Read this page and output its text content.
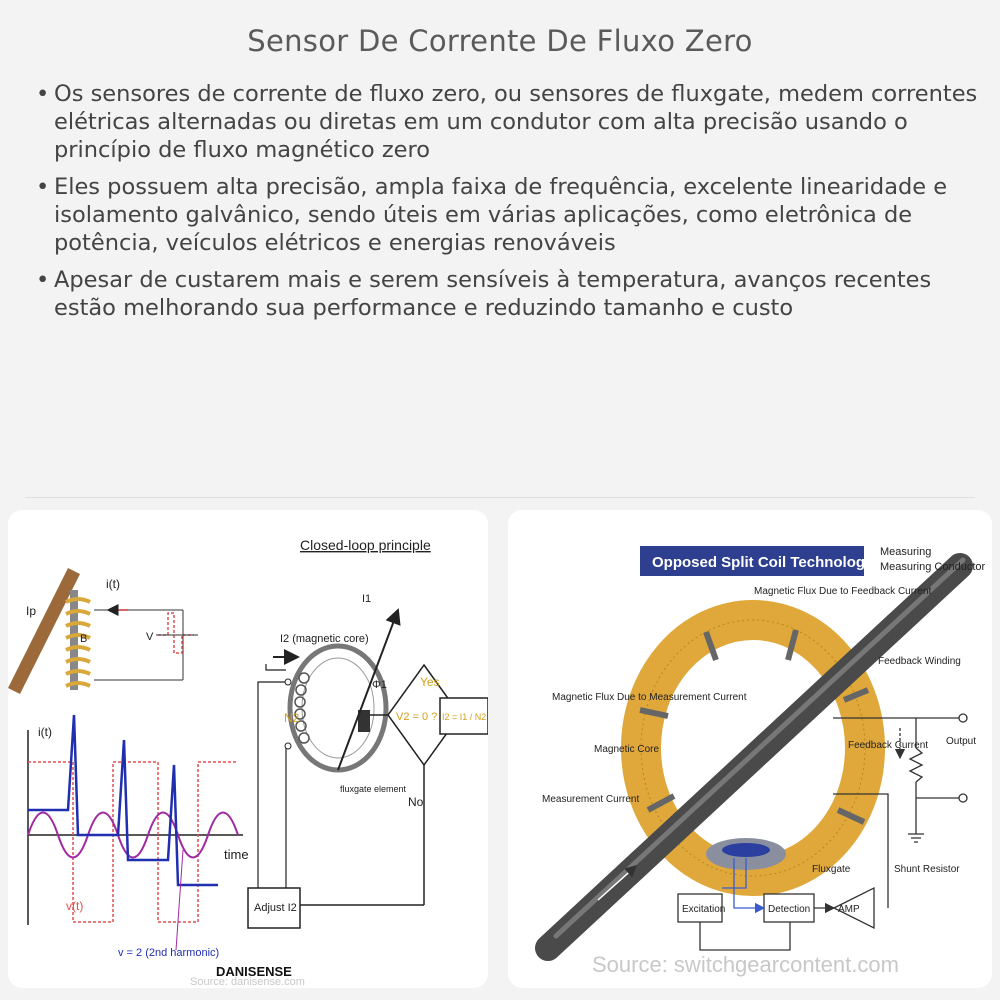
Sensor De Corrente De Fluxo Zero
• Os sensores de corrente de fluxo zero, ou sensores de fluxgate, medem correntes elétricas alternadas ou diretas em um condutor com alta precisão usando o princípio de fluxo magnético zero
• Eles possuem alta precisão, ampla faixa de frequência, excelente linearidade e isolamento galvânico, sendo úteis em várias aplicações, como eletrônica de potência, veículos elétricos e energias renováveis
• Apesar de custarem mais e serem sensíveis à temperatura, avanços recentes estão melhorando sua performance e reduzindo tamanho e custo
Closed-loop principle
Ip
i(t)
B	V
i(t)
time
v(t)
v = 2 (2nd harmonic)
I1
I2 (magnetic core)
N2
Φ1
V2 = 0 ?
Yes
No
I2 = I1 / N2
fluxgate element
Adjust I2
DANISENSE
Source: danisense.com
Opposed Split Coil Technology
Measuring
Measuring Conductor
Magnetic Flux Due to Feedback Current
Feedback Winding
Magnetic Flux Due to Measurement Current
Magnetic Core	Feedback Current Output
Measurement Current
Fluxgate	Shunt Resistor
Excitation	Detection	AMP
Source: switchgearcontent.com
